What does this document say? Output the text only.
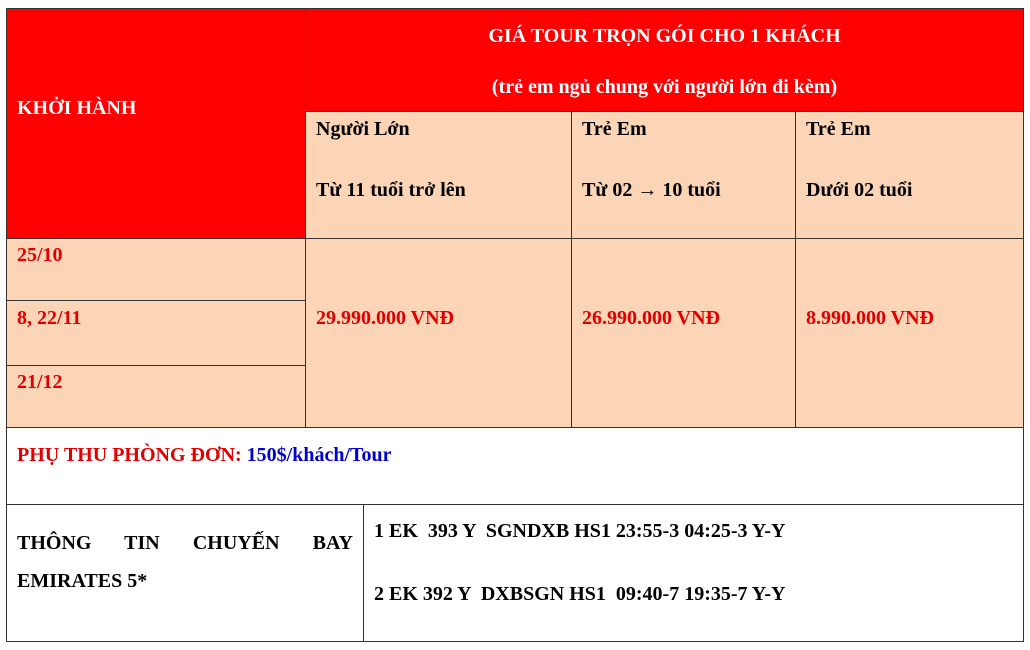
KHỞI HÀNH
GIÁ TOUR TRỌN GÓI CHO 1 KHÁCH
(trẻ em ngủ chung với người lớn đi kèm)
Người Lớn
Từ 11 tuổi trở lên
Trẻ Em
Từ 02 → 10 tuổi
Trẻ Em
Dưới 02 tuổi
25/10
8, 22/11
21/12
29.990.000 VNĐ	26.990.000 VNĐ	8.990.000 VNĐ
PHỤ THU PHÒNG ĐƠN: 150$/khách/Tour
THÔNG TIN CHUYẾN BAY
EMIRATES 5*
1 EK  393 Y  SGNDXB HS1 23:55-3 04:25-3 Y-Y
2 EK 392 Y  DXBSGN HS1  09:40-7 19:35-7 Y-Y
